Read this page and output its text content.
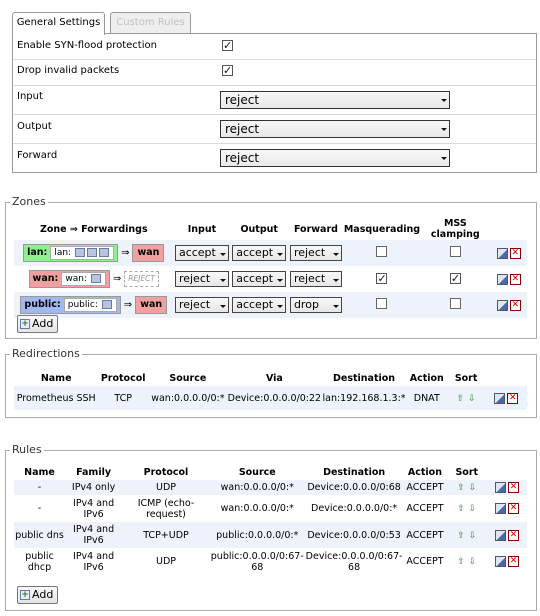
General Settings	Custom Rules
Enable SYN-flood protection	✓
Drop invalid packets	✓
Input	reject
Output	reject
Forward	reject
Zones
Zone ⇒ Forwardings	Input	Output	Forward	Masquerading	MSS clamping	
lan: lan: ⇒ wan	accept	accept	reject			✕
wan: wan: ⇒ REJECT	reject	accept	reject	✓	✓	✕
public: public: ⇒ wan	reject	accept	drop			✕
+ Add
Redirections
Name	Protocol	Source	Via	Destination	Action	Sort	
Prometheus SSH	TCP	wan:0.0.0.0/0:*	Device:0.0.0.0/0:22	lan:192.168.1.3:*	DNAT	⇧ ⇩	✕
Rules
Name	Family	Protocol	Source	Destination	Action	Sort	
-	IPv4 only	UDP	wan:0.0.0.0/0:*	Device:0.0.0.0/0:68	ACCEPT	⇧ ⇩	✕
-	IPv4 and IPv6	ICMP (echo-request)	wan:0.0.0.0/0:*	Device:0.0.0.0/0:*	ACCEPT	⇧ ⇩	✕
public dns	IPv4 and IPv6	TCP+UDP	public:0.0.0.0/0:*	Device:0.0.0.0/0:53	ACCEPT	⇧ ⇩	✕
public dhcp	IPv4 and IPv6	UDP	public:0.0.0.0/0:67-68	Device:0.0.0.0/0:67-68	ACCEPT	⇧ ⇩	✕
+ Add
